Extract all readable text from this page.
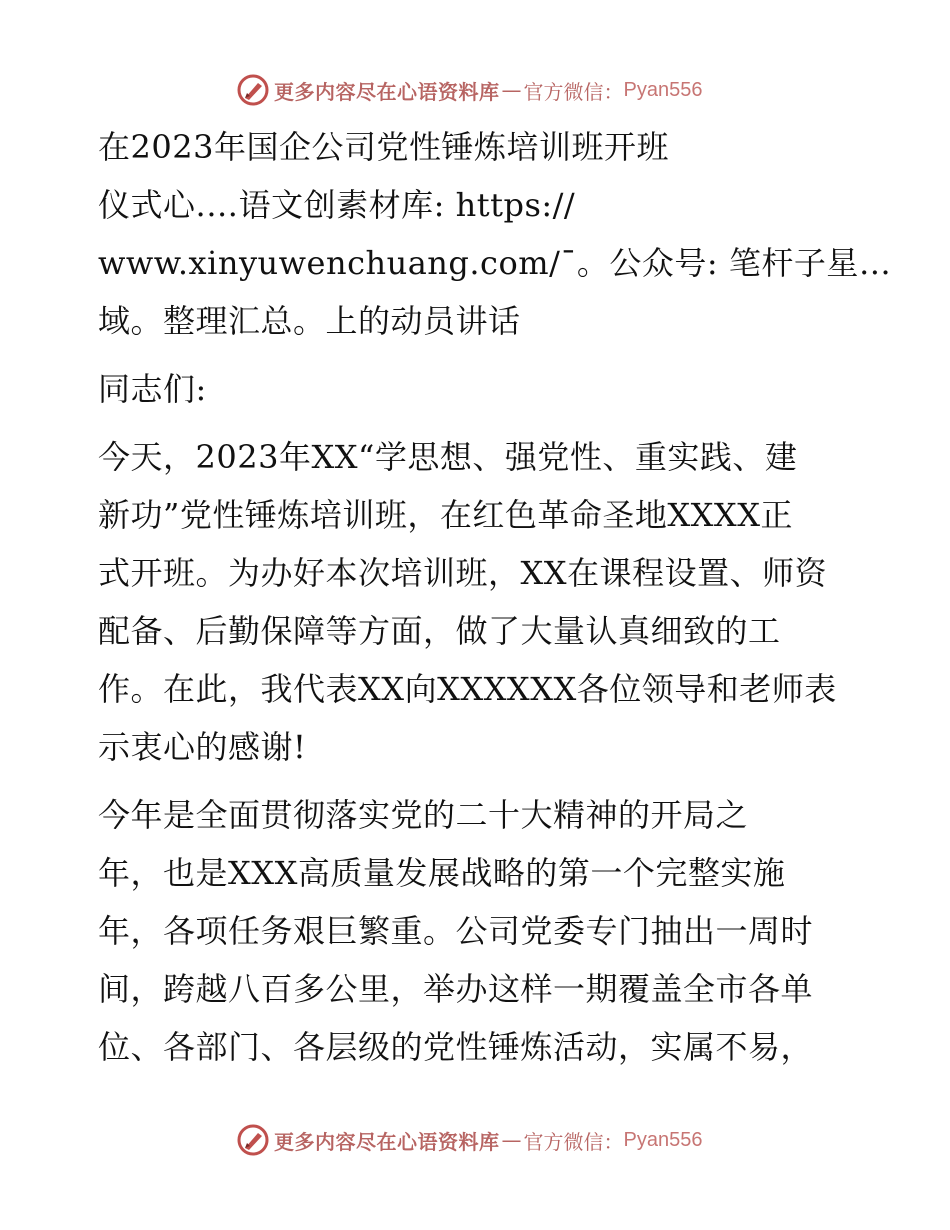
更多内容尽在心语资料库 — 官方微信： Pyan556
在2023年国企公司党性锤炼培训班开班
仪式心.…语文创素材库: https://
www.xinyuwenchuang.com/¯。公众号: 笔杆子星…
域。整理汇总。上的动员讲话
同志们:
今天，2023年XX“学思想、强党性、重实践、建
新功”党性锤炼培训班，在红色革命圣地XXXX正
式开班。为办好本次培训班，XX在课程设置、师资
配备、后勤保障等方面，做了大量认真细致的工
作。在此，我代表XX向XXXXXX各位领导和老师表
示衷心的感谢!
今年是全面贯彻落实党的二十大精神的开局之
年，也是XXX高质量发展战略的第一个完整实施
年，各项任务艰巨繁重。公司党委专门抽出一周时
间，跨越八百多公里，举办这样一期覆盖全市各单
位、各部门、各层级的党性锤炼活动，实属不易，
更多内容尽在心语资料库 — 官方微信： Pyan556
